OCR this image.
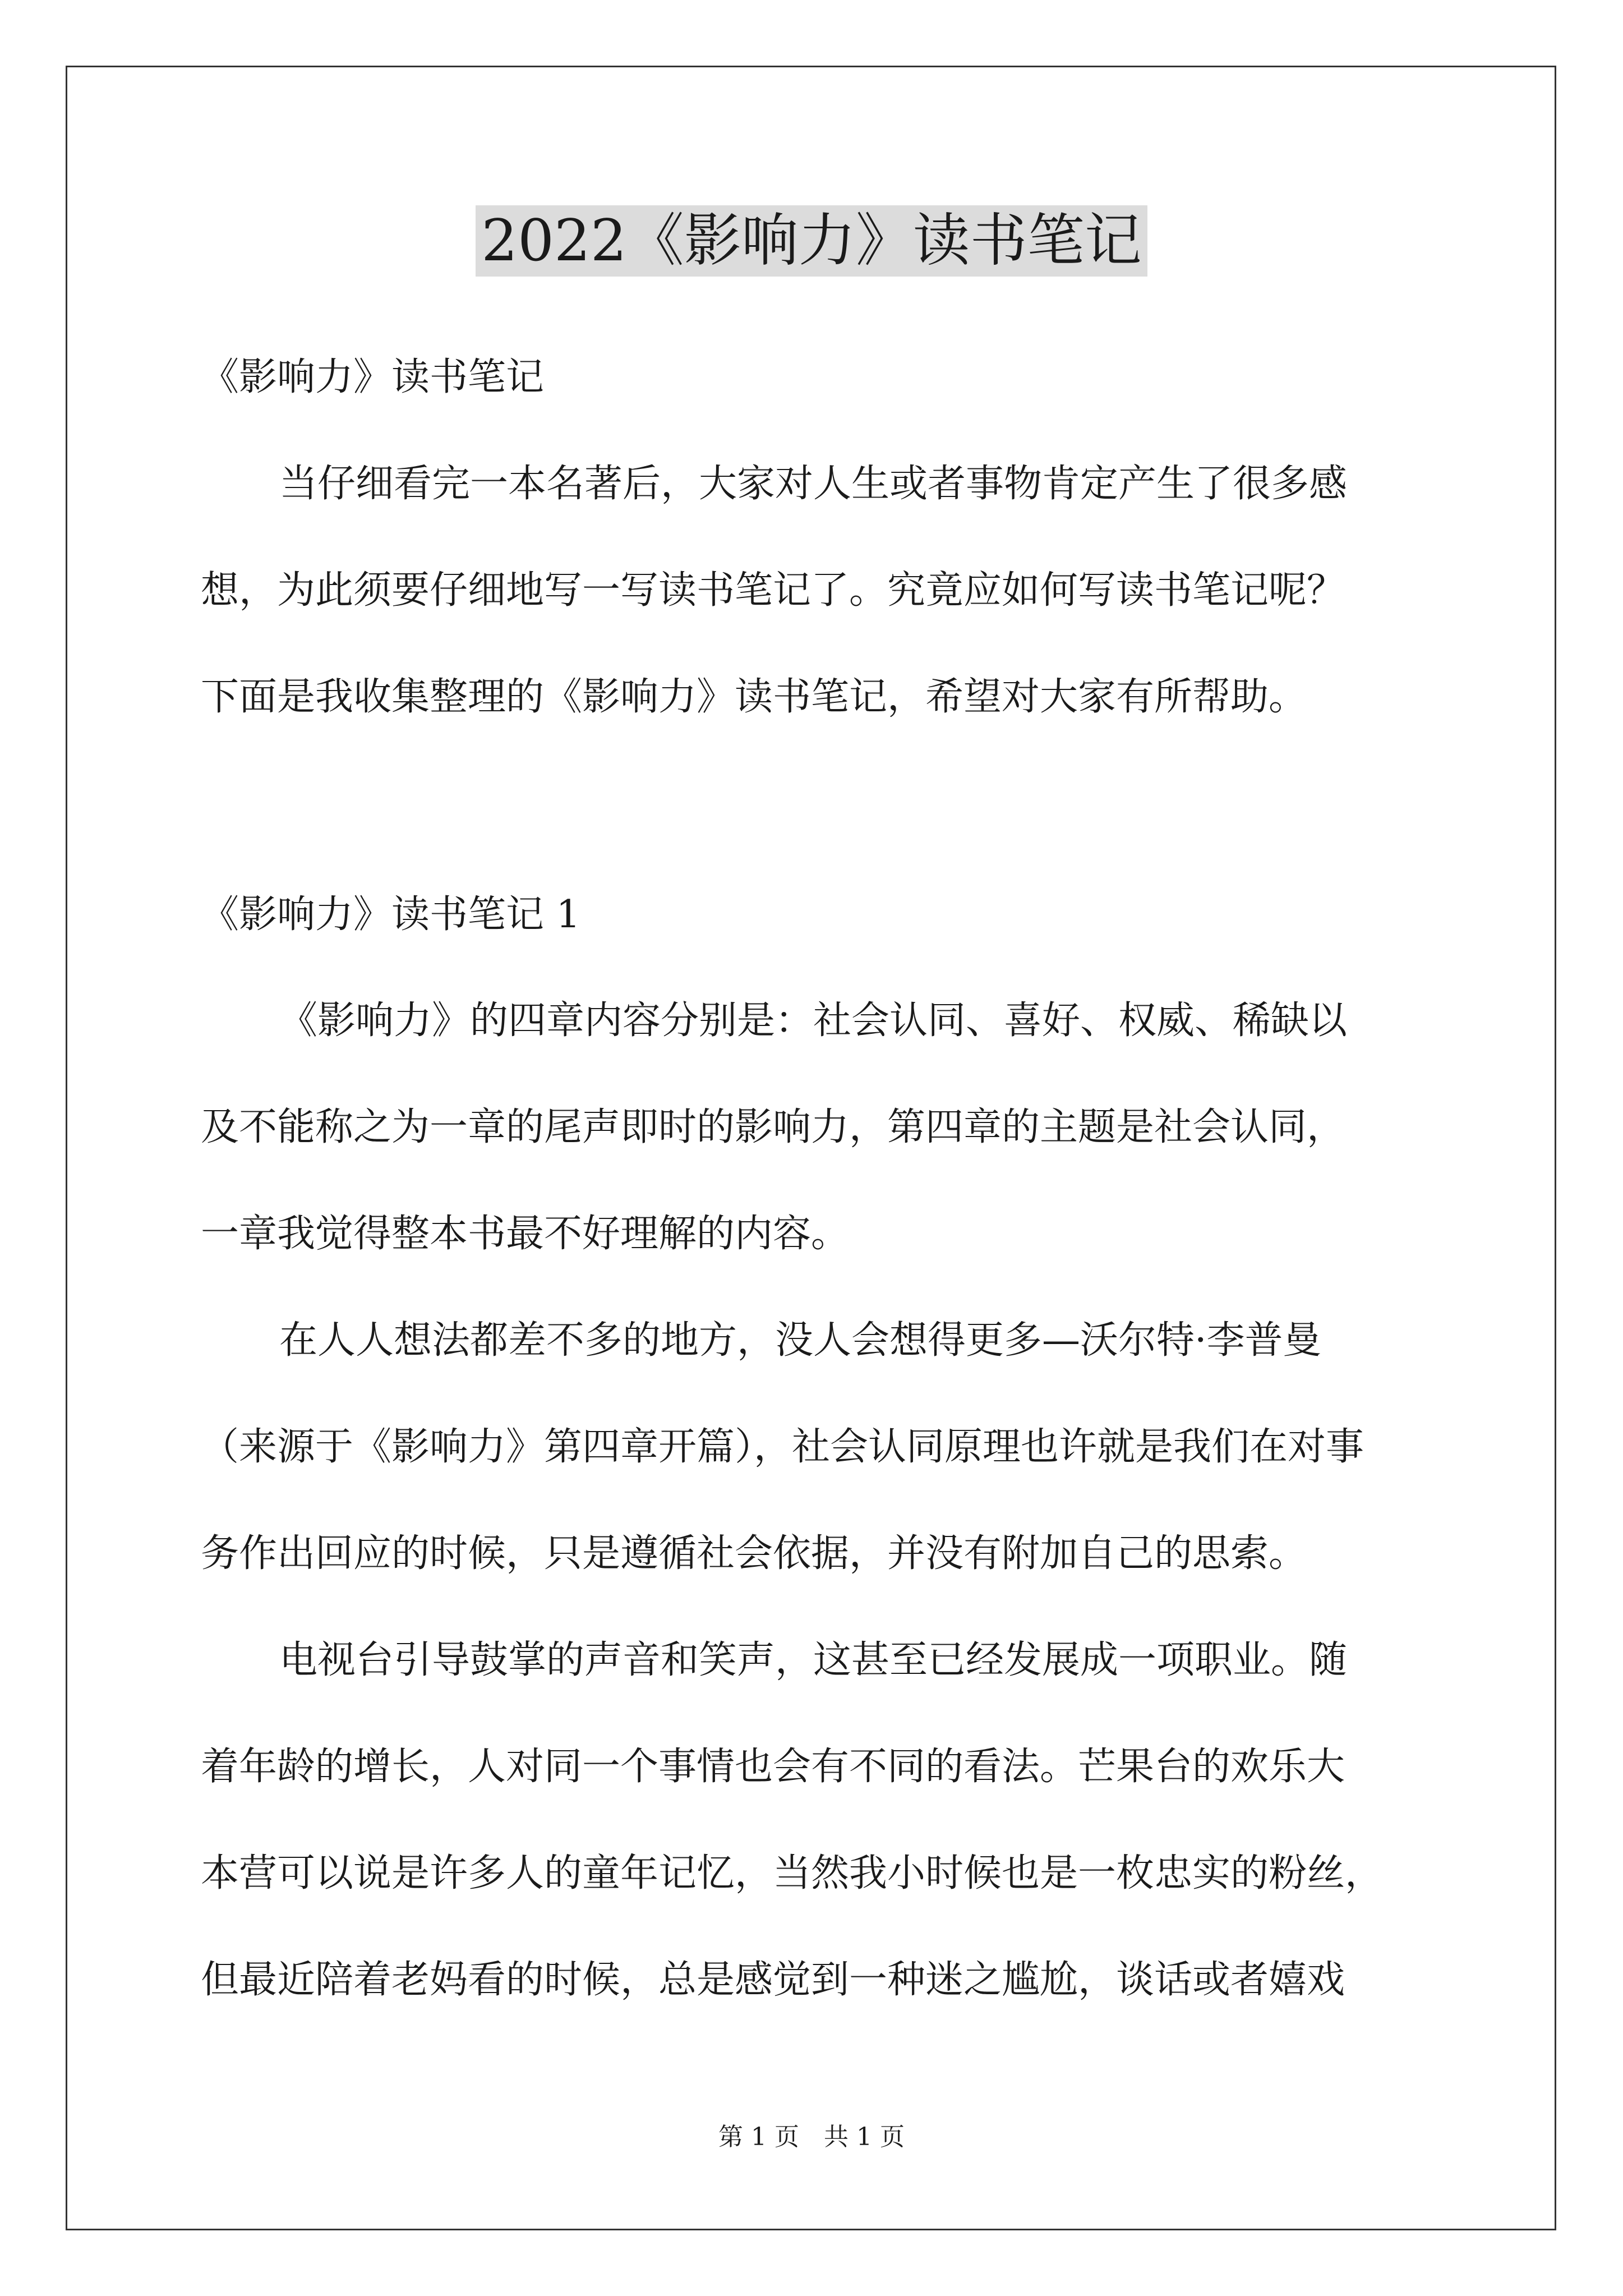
2022《影响力》读书笔记
《影响力》读书笔记
当仔细看完一本名著后，大家对人生或者事物肯定产生了很多感
想，为此须要仔细地写一写读书笔记了。究竟应如何写读书笔记呢？
下面是我收集整理的《影响力》读书笔记，希望对大家有所帮助。
《影响力》读书笔记 1
《影响力》的四章内容分别是：社会认同、喜好、权威、稀缺以
及不能称之为一章的尾声即时的影响力，第四章的主题是社会认同，
一章我觉得整本书最不好理解的内容。
在人人想法都差不多的地方，没人会想得更多—沃尔特·李普曼
（来源于《影响力》第四章开篇），社会认同原理也许就是我们在对事
务作出回应的时候，只是遵循社会依据，并没有附加自己的思索。
电视台引导鼓掌的声音和笑声，这甚至已经发展成一项职业。随
着年龄的增长，人对同一个事情也会有不同的看法。芒果台的欢乐大
本营可以说是许多人的童年记忆，当然我小时候也是一枚忠实的粉丝，
但最近陪着老妈看的时候，总是感觉到一种迷之尴尬，谈话或者嬉戏
第 1 页　共 1 页
